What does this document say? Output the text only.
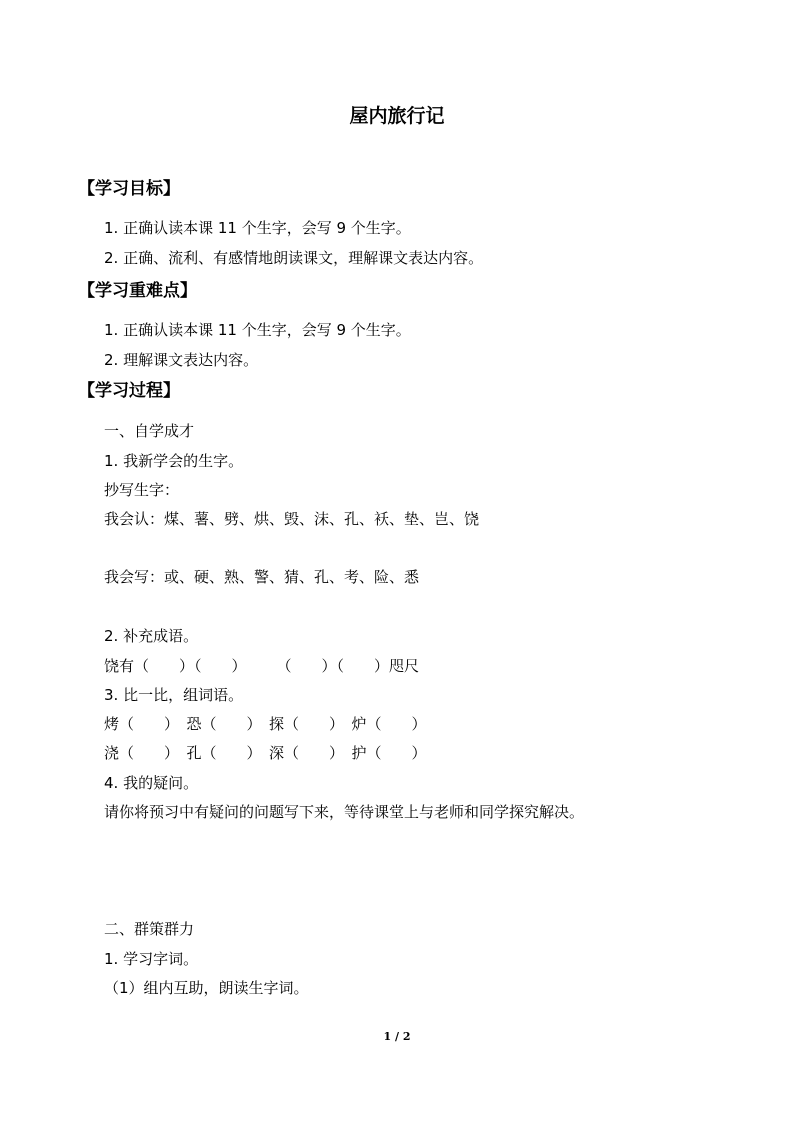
屋内旅行记
【学习目标】
1. 正确认读本课 11 个生字，会写 9 个生字。
2. 正确、流利、有感情地朗读课文，理解课文表达内容。
【学习重难点】
1. 正确认读本课 11 个生字，会写 9 个生字。
2. 理解课文表达内容。
【学习过程】
一、自学成才
1. 我新学会的生字。
抄写生字：
我会认：煤、薯、劈、烘、毁、沫、孔、袄、垫、岂、饶
我会写：或、硬、熟、警、猜、孔、考、险、悉
2. 补充成语。
饶有（　　）（　　）　　　（　　）（　　）咫尺
3. 比一比，组词语。
烤（　　）　恐（　　）　探（　　）　炉（　　）
浇（　　）　孔（　　）　深（　　）　护（　　）
4. 我的疑问。
请你将预习中有疑问的问题写下来，等待课堂上与老师和同学探究解决。
二、群策群力
1. 学习字词。
（1）组内互助，朗读生字词。
1 / 2
